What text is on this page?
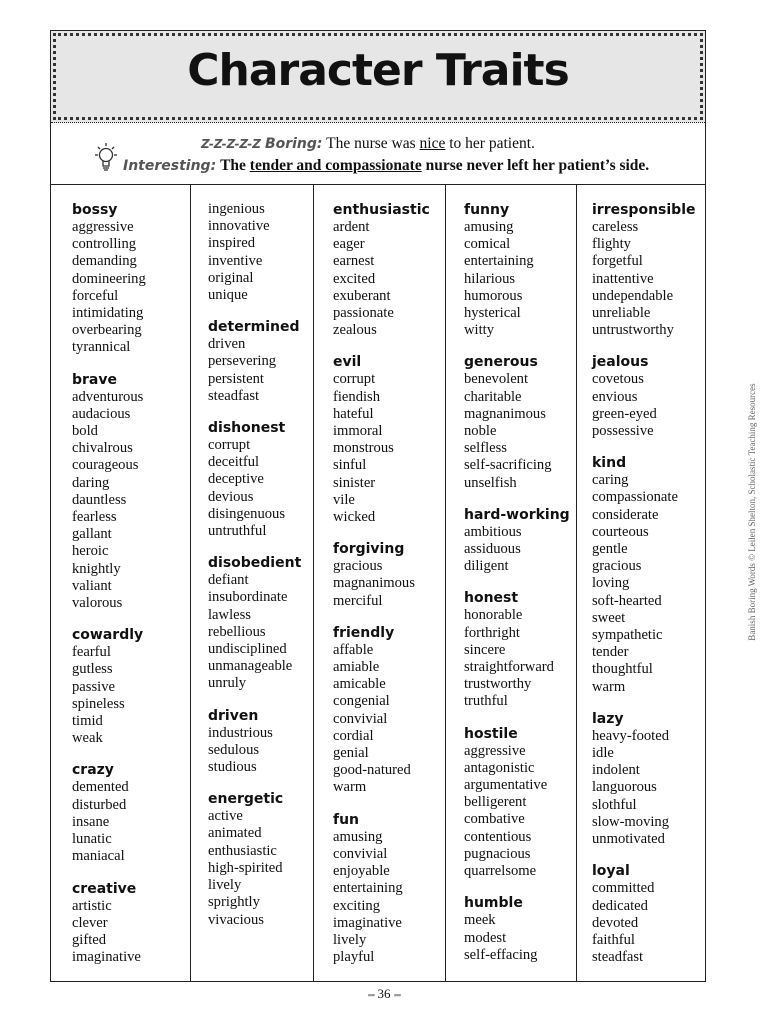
Character Traits
Z-Z-Z-Z-Z Boring: The nurse was nice to her patient.
Interesting: The tender and compassionate nurse never left her patient’s side.
bossy
aggressive
controlling
demanding
domineering
forceful
intimidating
overbearing
tyrannical
brave
adventurous
audacious
bold
chivalrous
courageous
daring
dauntless
fearless
gallant
heroic
knightly
valiant
valorous
cowardly
fearful
gutless
passive
spineless
timid
weak
crazy
demented
disturbed
insane
lunatic
maniacal
creative
artistic
clever
gifted
imaginative
ingenious
innovative
inspired
inventive
original
unique
determined
driven
persevering
persistent
steadfast
dishonest
corrupt
deceitful
deceptive
devious
disingenuous
untruthful
disobedient
defiant
insubordinate
lawless
rebellious
undisciplined
unmanageable
unruly
driven
industrious
sedulous
studious
energetic
active
animated
enthusiastic
high-spirited
lively
sprightly
vivacious
enthusiastic
ardent
eager
earnest
excited
exuberant
passionate
zealous
evil
corrupt
fiendish
hateful
immoral
monstrous
sinful
sinister
vile
wicked
forgiving
gracious
magnanimous
merciful
friendly
affable
amiable
amicable
congenial
convivial
cordial
genial
good-natured
warm
fun
amusing
convivial
enjoyable
entertaining
exciting
imaginative
lively
playful
funny
amusing
comical
entertaining
hilarious
humorous
hysterical
witty
generous
benevolent
charitable
magnanimous
noble
selfless
self-sacrificing
unselfish
hard-working
ambitious
assiduous
diligent
honest
honorable
forthright
sincere
straightforward
trustworthy
truthful
hostile
aggressive
antagonistic
argumentative
belligerent
combative
contentious
pugnacious
quarrelsome
humble
meek
modest
self-effacing
irresponsible
careless
flighty
forgetful
inattentive
undependable
unreliable
untrustworthy
jealous
covetous
envious
green-eyed
possessive
kind
caring
compassionate
considerate
courteous
gentle
gracious
loving
soft-hearted
sweet
sympathetic
tender
thoughtful
warm
lazy
heavy-footed
idle
indolent
languorous
slothful
slow-moving
unmotivated
loyal
committed
dedicated
devoted
faithful
steadfast
Banish Boring Words © Leilen Shelton, Scholastic Teaching Resources
▪▪▪ 36 ▪▪▪
